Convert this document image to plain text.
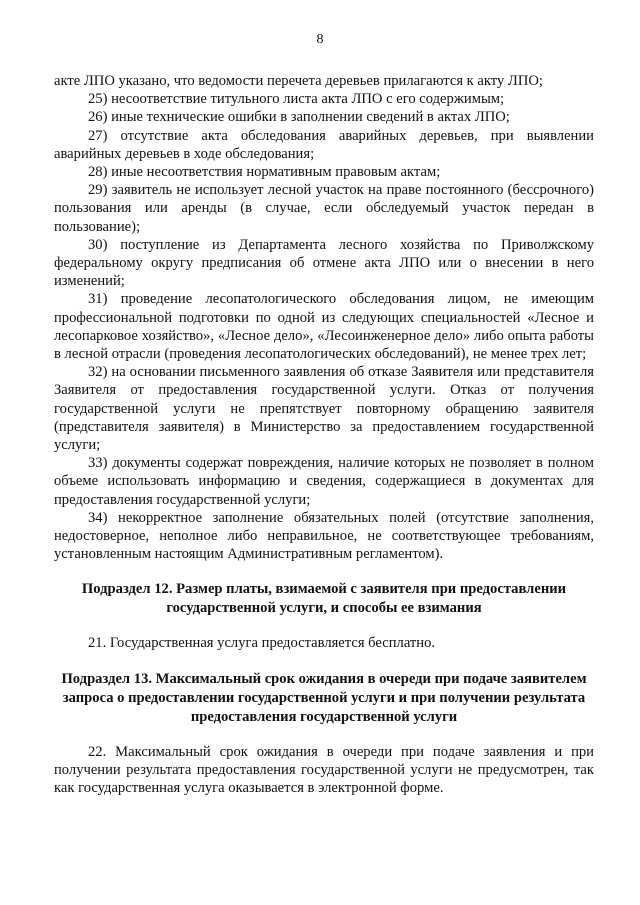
8

акте ЛПО указано, что ведомости перечета деревьев прилагаются к акту ЛПО;

25) несоответствие титульного листа акта ЛПО с его содержимым;

26) иные технические ошибки в заполнении сведений в актах ЛПО;

27) отсутствие акта обследования аварийных деревьев, при выявлении аварийных деревьев в ходе обследования;

28) иные несоответствия нормативным правовым актам;

29) заявитель не использует лесной участок на праве постоянного (бессрочного) пользования или аренды (в случае, если обследуемый участок передан в пользование);

30) поступление из Департамента лесного хозяйства по Приволжскому федеральному округу предписания об отмене акта ЛПО или о внесении в него изменений;

31) проведение лесопатологического обследования лицом, не имеющим профессиональной подготовки по одной из следующих специальностей «Лесное и лесопарковое хозяйство», «Лесное дело», «Лесоинженерное дело» либо опыта работы в лесной отрасли (проведения лесопатологических обследований), не менее трех лет;

32) на основании письменного заявления об отказе Заявителя или представителя Заявителя от предоставления государственной услуги. Отказ от получения государственной услуги не препятствует повторному обращению заявителя (представителя заявителя) в Министерство за предоставлением государственной услуги;

33) документы содержат повреждения, наличие которых не позволяет в полном объеме использовать информацию и сведения, содержащиеся в документах для предоставления государственной услуги;

34) некорректное заполнение обязательных полей (отсутствие заполнения, недостоверное, неполное либо неправильное, не соответствующее требованиям, установленным настоящим Административным регламентом).

Подраздел 12. Размер платы, взимаемой с заявителя при предоставлении государственной услуги, и способы ее взимания

21. Государственная услуга предоставляется бесплатно.

Подраздел 13. Максимальный срок ожидания в очереди при подаче заявителем запроса о предоставлении государственной услуги и при получении результата предоставления государственной услуги

22. Максимальный срок ожидания в очереди при подаче заявления и при получении результата предоставления государственной услуги не предусмотрен, так как государственная услуга оказывается в электронной форме.
